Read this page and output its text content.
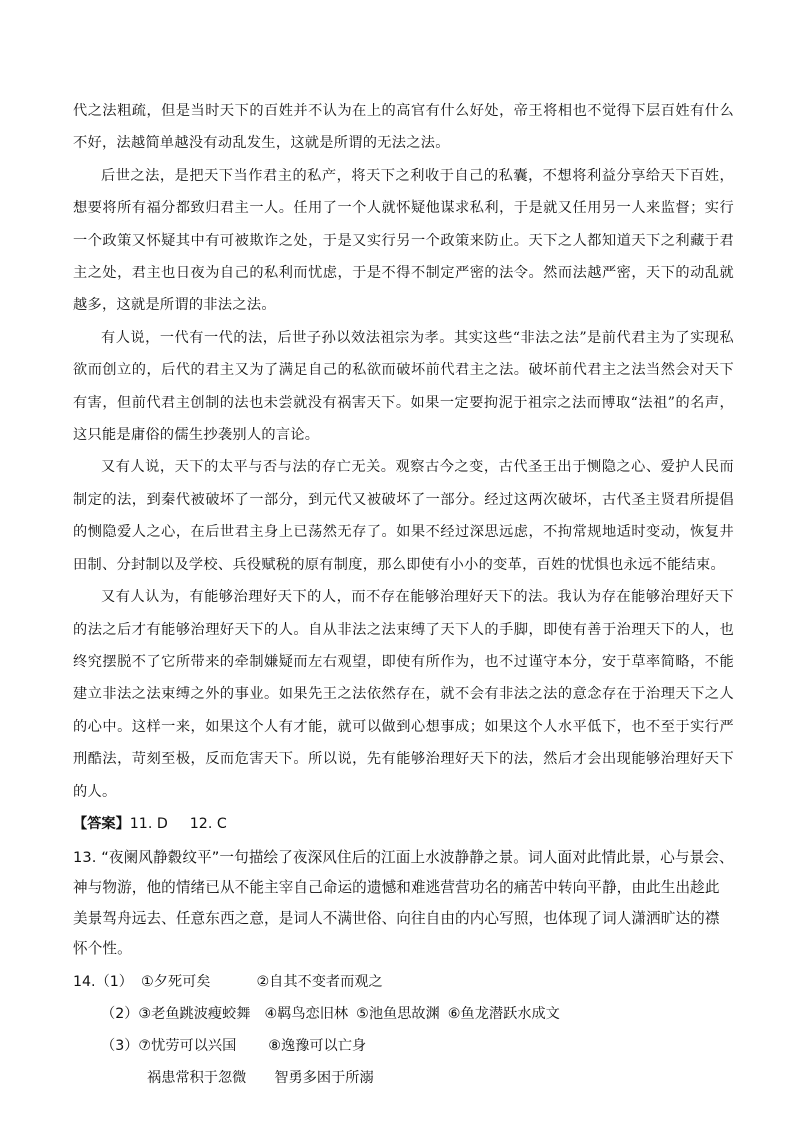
代之法粗疏，但是当时天下的百姓并不认为在上的高官有什么好处，帝王将相也不觉得下层百姓有什么不好，法越简单越没有动乱发生，这就是所谓的无法之法。

后世之法，是把天下当作君主的私产，将天下之利收于自己的私囊，不想将利益分享给天下百姓，想要将所有福分都致归君主一人。任用了一个人就怀疑他谋求私利，于是就又任用另一人来监督；实行一个政策又怀疑其中有可被欺诈之处，于是又实行另一个政策来防止。天下之人都知道天下之利藏于君主之处，君主也日夜为自己的私利而忧虑，于是不得不制定严密的法令。然而法越严密，天下的动乱就越多，这就是所谓的非法之法。

有人说，一代有一代的法，后世子孙以效法祖宗为孝。其实这些“非法之法”是前代君主为了实现私欲而创立的，后代的君主又为了满足自己的私欲而破坏前代君主之法。破坏前代君主之法当然会对天下有害，但前代君主创制的法也未尝就没有祸害天下。如果一定要拘泥于祖宗之法而博取“法祖”的名声，这只能是庸俗的儒生抄袭别人的言论。

又有人说，天下的太平与否与法的存亡无关。观察古今之变，古代圣王出于恻隐之心、爱护人民而制定的法，到秦代被破坏了一部分，到元代又被破坏了一部分。经过这两次破坏，古代圣主贤君所提倡的恻隐爱人之心，在后世君主身上已荡然无存了。如果不经过深思远虑，不拘常规地适时变动，恢复井田制、分封制以及学校、兵役赋税的原有制度，那么即使有小小的变革，百姓的忧惧也永远不能结束。

又有人认为，有能够治理好天下的人，而不存在能够治理好天下的法。我认为存在能够治理好天下的法之后才有能够治理好天下的人。自从非法之法束缚了天下人的手脚，即使有善于治理天下的人，也终究摆脱不了它所带来的牵制嫌疑而左右观望，即使有所作为，也不过谨守本分，安于草率简略，不能建立非法之法束缚之外的事业。如果先王之法依然存在，就不会有非法之法的意念存在于治理天下之人的心中。这样一来，如果这个人有才能，就可以做到心想事成；如果这个人水平低下，也不至于实行严刑酷法，苛刻至极，反而危害天下。所以说，先有能够治理好天下的法，然后才会出现能够治理好天下的人。

【答案】11. D 12. C
13. “夜阑风静縠纹平”一句描绘了夜深风住后的江面上水波静静之景。词人面对此情此景，心与景会、神与物游，他的情绪已从不能主宰自己命运的遗憾和难逃营营功名的痛苦中转向平静，由此生出趁此美景驾舟远去、任意东西之意，是词人不满世俗、向往自由的内心写照，也体现了词人潇洒旷达的襟怀个性。
14.（1） ①夕死可矣	②自其不变者而观之
（2）③老鱼跳波瘦蛟舞 ④羁鸟恋旧林 ⑤池鱼思故渊 ⑥鱼龙潜跃水成文
（3）⑦忧劳可以兴国 ⑧逸豫可以亡身
祸患常积于忽微 智勇多困于所溺
